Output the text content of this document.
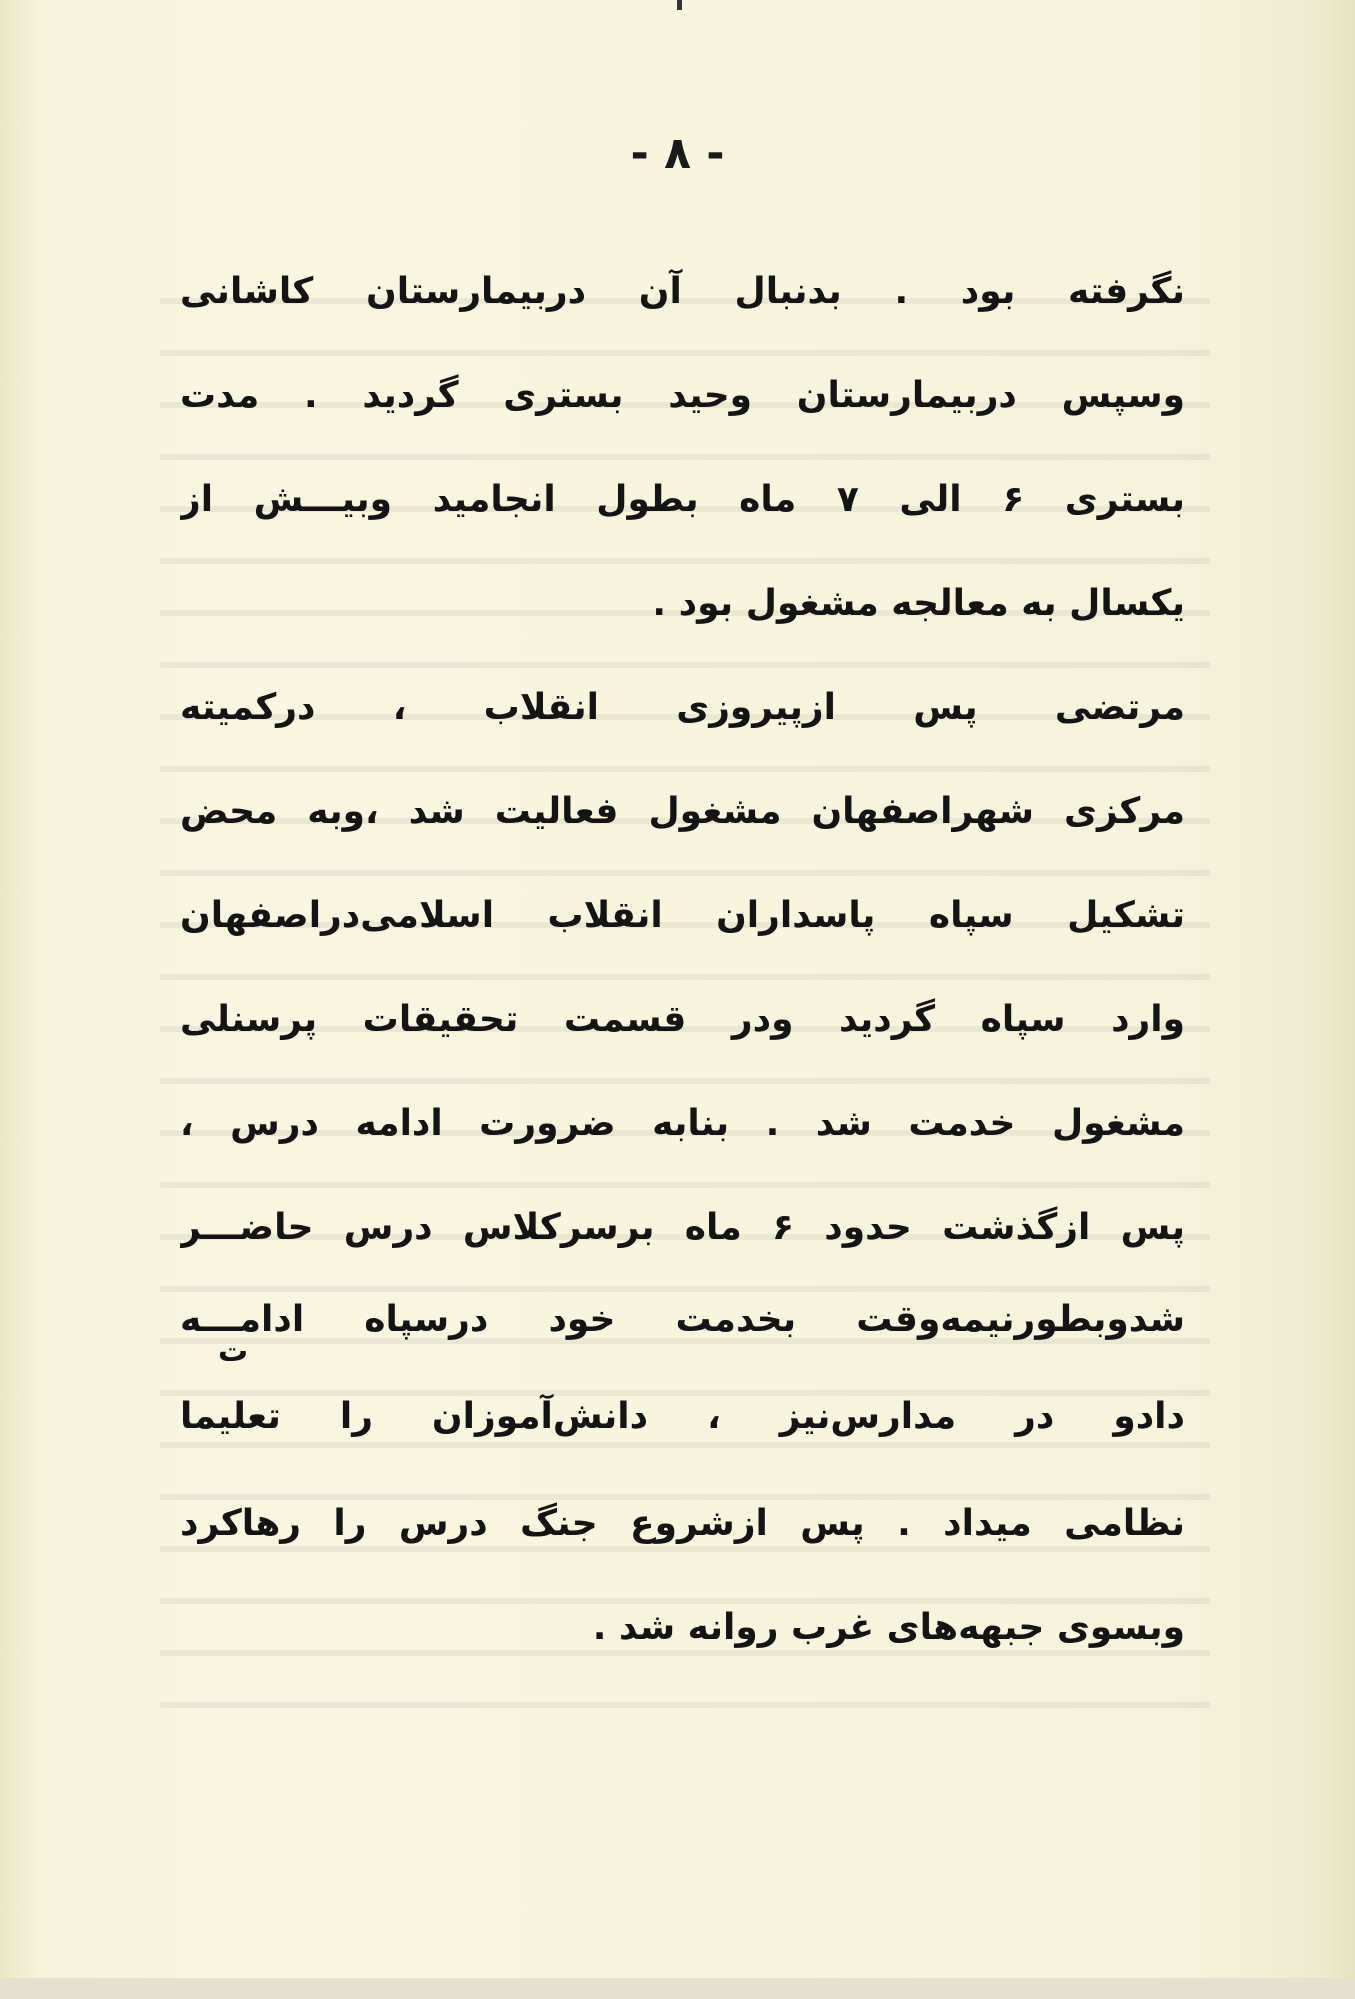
- ۸ -
نگرفته بود . بدنبال آن دربیمارستان کاشانی
وسپس دربیمارستان وحید بستری گردید . مدت
بستری ۶ الی ۷ ماه بطول انجامید وبیـــش از
یکسال به معالجه مشغول بود .
مرتضی پس ازپیروزی انقلاب ، درکمیته
مرکزی شهراصفهان مشغول فعالیت شد ،وبه محض
تشکیل سپاه پاسداران انقلاب اسلامی‌دراصفهان
وارد سپاه گردید ودر قسمت تحقیقات پرسنلی
مشغول خدمت شد . بنابه ضرورت ادامه درس ،
پس ازگذشت حدود ۶ ماه برسرکلاس درس حاضـــر
شدوبطورنیمه‌وقت بخدمت خود درسپاه ادامـــه
ت
دادو در مدارس‌نیز ، دانش‌آموزان را تعلیما
نظامی میداد . پس ازشروع جنگ درس را رهاکرد
وبسوی جبهه‌های غرب روانه شد .
